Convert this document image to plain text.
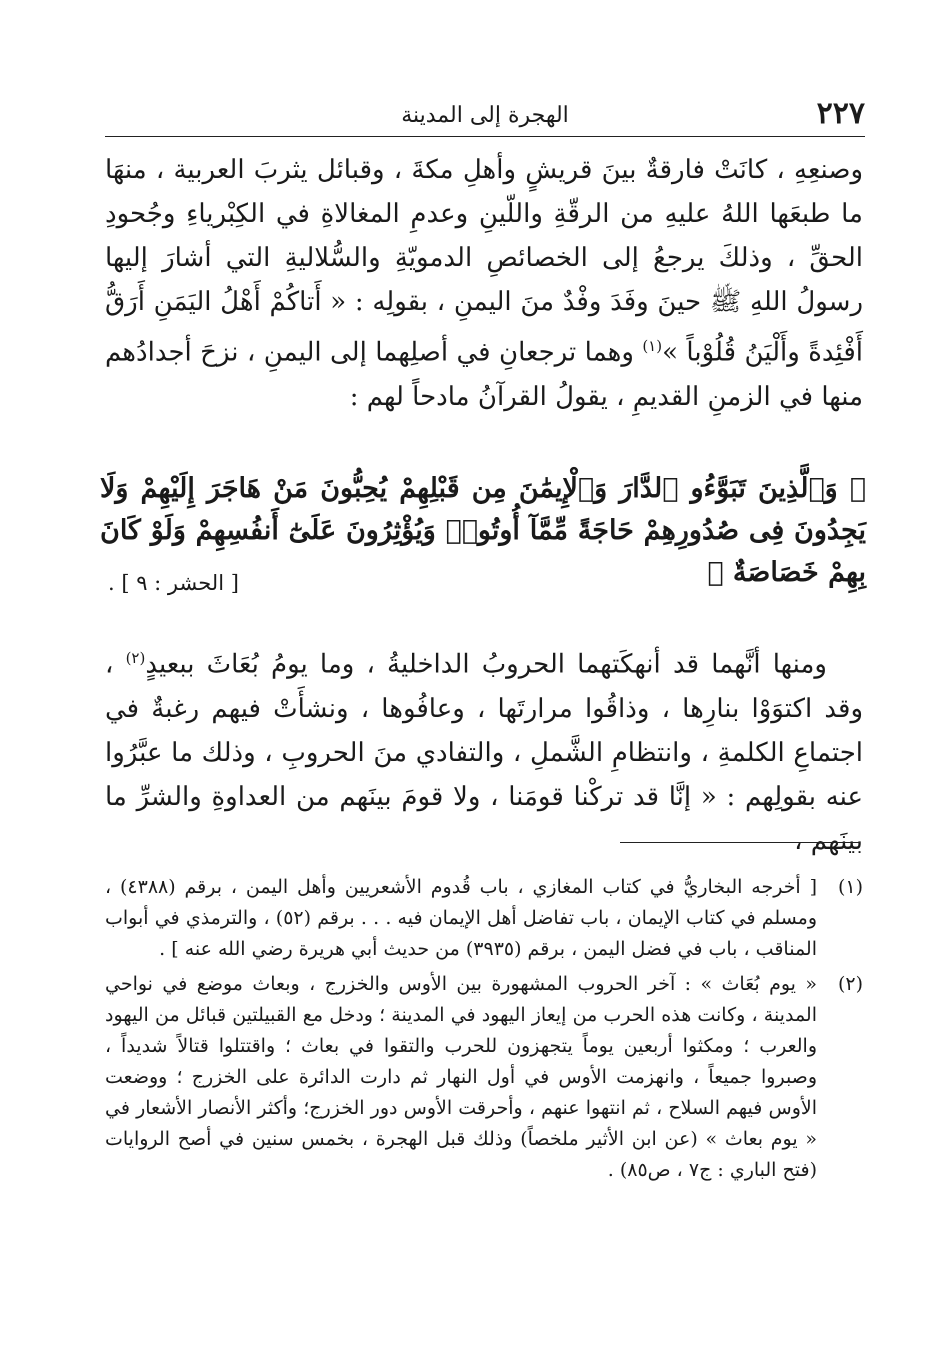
٢٢٧
الهجرة إلى المدينة

وصنعِهِ ، كانَتْ فارقةٌ بينَ قريشٍ وأهلِ مكةَ ، وقبائل يثربَ العربية ، منهَا ما طبعَها اللهُ عليهِ من الرقّةِ واللّينِ وعدمِ المغالاةِ في الكِبْرياءِ وجُحودِ الحقِّ ، وذلكَ يرجعُ إلى الخصائصِ الدمويّةِ والسُّلاليةِ التي أشارَ إليها رسولُ اللهِ ﷺ حينَ وفَدَ وفْدٌ منَ اليمنِ ، بقولِه : « أَتاكُمْ أَهْلُ اليَمَنِ أَرَقُّ أَفْئِدةً وأَلْيَنُ قُلُوْباً »$^{(١)}$ وهما ترجعانِ في أصلِهما إلى اليمنِ ، نزحَ أجدادُهم منها في الزمنِ القديمِ ، يقولُ القرآنُ مادحاً لهم :

﴿ وَٱلَّذِينَ تَبَوَّءُو ٱلدَّارَ وَٱلْإِيمَٰنَ مِن قَبْلِهِمْ يُحِبُّونَ مَنْ هَاجَرَ إِلَيْهِمْ وَلَا يَجِدُونَ فِى صُدُورِهِمْ حَاجَةً مِّمَّآ أُوتُوا۟ وَيُؤْثِرُونَ عَلَىٰٓ أَنفُسِهِمْ وَلَوْ كَانَ بِهِمْ خَصَاصَةٌ ﴾

[ الحشر : ٩ ] .

ومنها أنَّهما قد أنهكَتهما الحروبُ الداخليةُ ، وما يومُ بُعَاثَ ببعيدٍ$^{(٢)}$ ، وقد اكتوَوْا بنارِها ، وذاقُوا مرارتَها ، وعافُوها ، ونشأَتْ فيهم رغبةٌ في اجتماعِ الكلمةِ ، وانتظامِ الشَّملِ ، والتفادي منَ الحروبِ ، وذلك ما عبَّرُوا عنه بقولِهم : « إنَّا قد تركْنا قومَنا ، ولا قومَ بينَهم من العداوةِ والشرِّ ما بينَهم ،

(١)
[ أخرجه البخاريُّ في كتاب المغازي ، باب قُدوم الأشعريين وأهل اليمن ، برقم (٤٣٨٨) ، ومسلم في كتاب الإيمان ، باب تفاضل أهل الإيمان فيه . . . برقم (٥٢) ، والترمذي في أبواب المناقب ، باب في فضل اليمن ، برقم (٣٩٣٥) من حديث أبي هريرة رضي الله عنه ] .
(٢)
« يوم بُعَاث » : آخر الحروب المشهورة بين الأوس والخزرج ، وبعاث موضع في نواحي المدينة ، وكانت هذه الحرب من إيعاز اليهود في المدينة ؛ ودخل مع القبيلتين قبائل من اليهود والعرب ؛ ومكثوا أربعين يوماً يتجهزون للحرب والتقوا في بعاث ؛ واقتتلوا قتالاً شديداً ، وصبروا جميعاً ، وانهزمت الأوس في أول النهار ثم دارت الدائرة على الخزرج ؛ ووضعت الأوس فيهم السلاح ، ثم انتهوا عنهم ، وأحرقت الأوس دور الخزرج؛ وأكثر الأنصار الأشعار في « يوم بعاث » (عن ابن الأثير ملخصاً) وذلك قبل الهجرة ، بخمس سنين في أصح الروايات (فتح الباري : ج٧ ، ص٨٥) .
